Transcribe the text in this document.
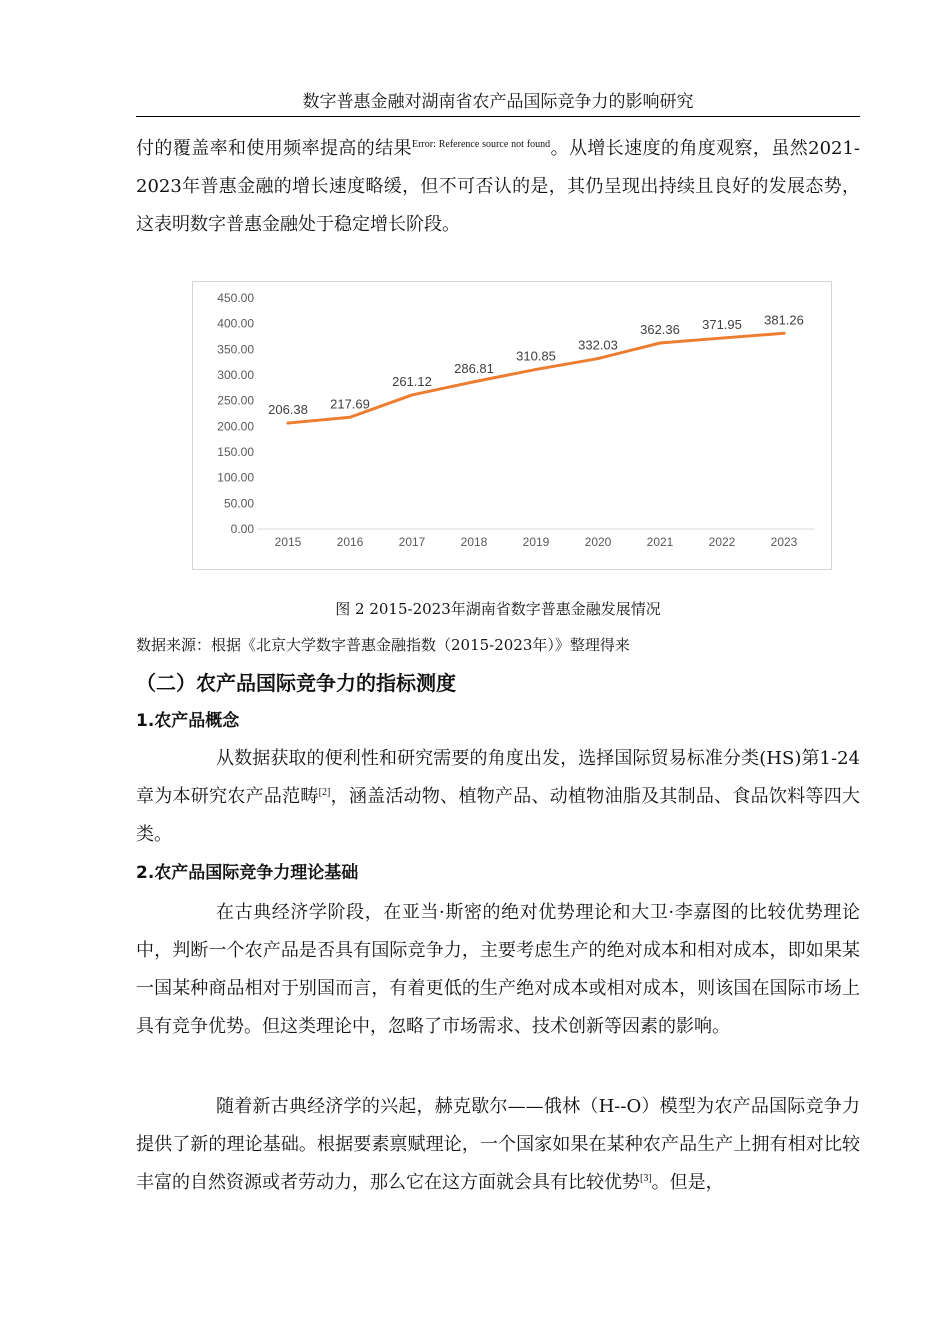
数字普惠金融对湖南省农产品国际竞争力的影响研究

付的覆盖率和使用频率提高的结果$^{Error: Reference source not found}$。从增长速度的角度观察，虽然2021-2023年普惠金融的增长速度略缓，但不可否认的是，其仍呈现出持续且良好的发展态势，这表明数字普惠金融处于稳定增长阶段。

0.00
50.00
100.00
150.00
200.00
250.00
300.00
350.00
400.00
450.00
2015	2016	2017	2018	2019	2020	2021	2022	2023
206.38 217.69
261.12
286.81
310.85
332.03
362.36 371.95 381.26
图 2 2015-2023年湖南省数字普惠金融发展情况
数据来源：根据《北京大学数字普惠金融指数（2015-2023年）》整理得来
（二）农产品国际竞争力的指标测度
1.农产品概念

从数据获取的便利性和研究需要的角度出发，选择国际贸易标准分类(HS)第1-24章为本研究农产品范畴[2]，涵盖活动物、植物产品、动植物油脂及其制品、食品饮料等四大类。

2.农产品国际竞争力理论基础

在古典经济学阶段，在亚当·斯密的绝对优势理论和大卫·李嘉图的比较优势理论中，判断一个农产品是否具有国际竞争力，主要考虑生产的绝对成本和相对成本，即如果某一国某种商品相对于别国而言，有着更低的生产绝对成本或相对成本，则该国在国际市场上具有竞争优势。但这类理论中，忽略了市场需求、技术创新等因素的影响。

随着新古典经济学的兴起，赫克歇尔——俄林（H--O）模型为农产品国际竞争力提供了新的理论基础。根据要素禀赋理论，一个国家如果在某种农产品生产上拥有相对比较丰富的自然资源或者劳动力，那么它在这方面就会具有比较优势[3]。但是，
